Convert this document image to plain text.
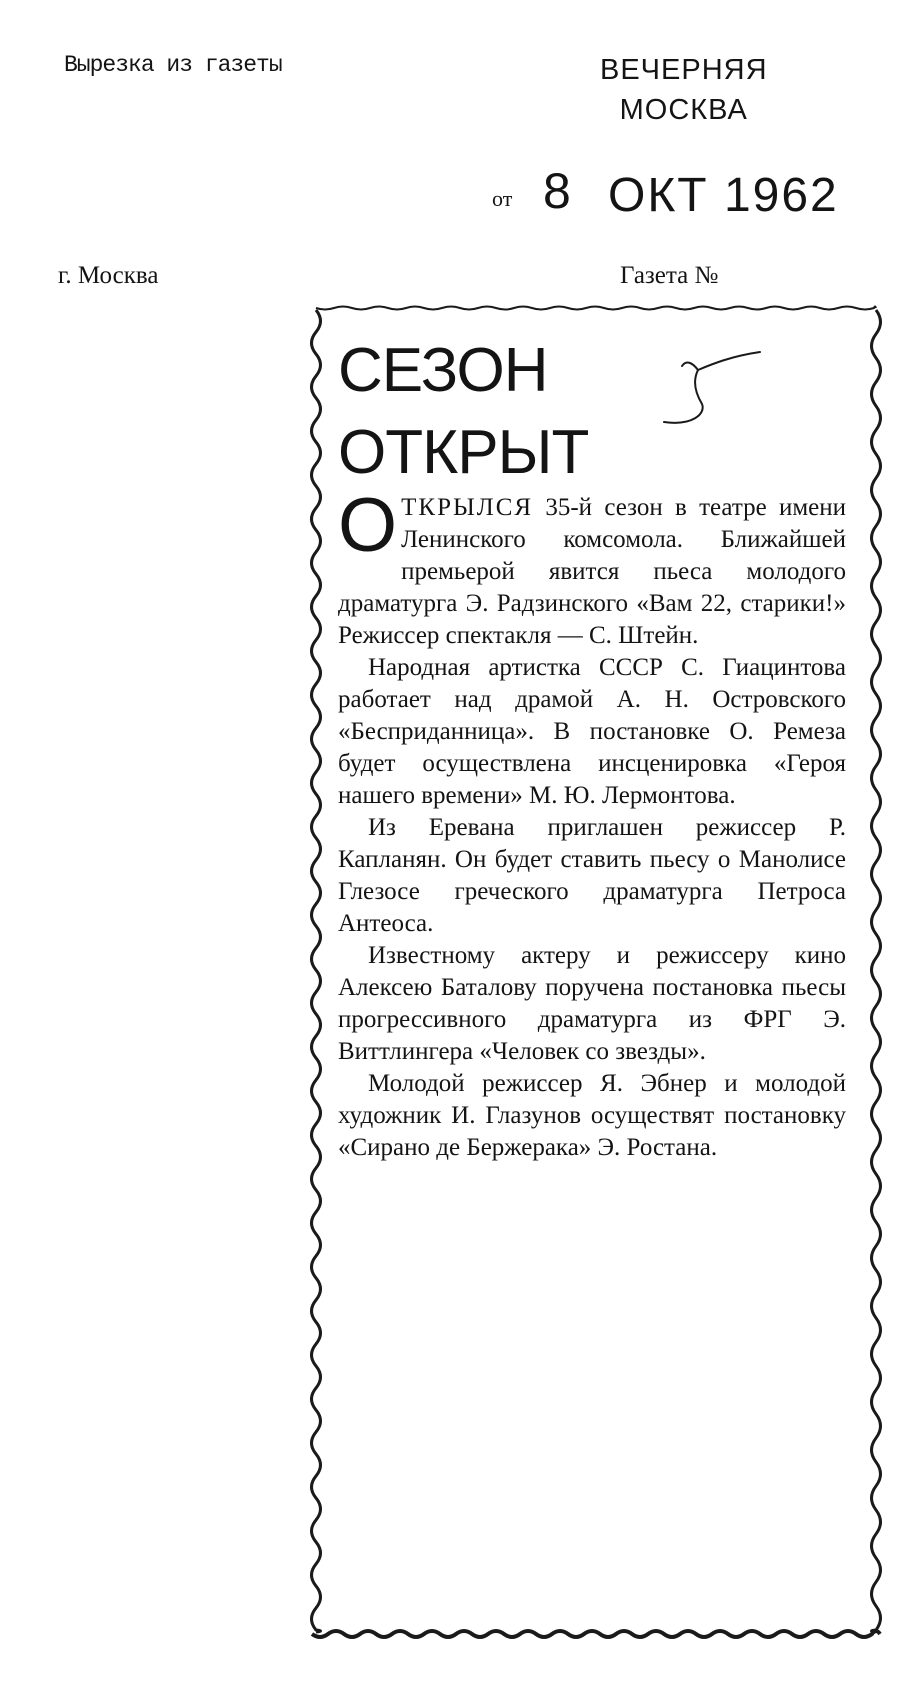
Вырезка из газеты	ВЕЧЕРНЯЯ
МОСКВА
от 8 ОКТ 1962
г. Москва	Газета №
СЕЗОН
ОТКРЫТ

ОТКРЫЛСЯ 35-й сезон в театре имени Ленинского комсомола. Ближайшей премьерой явится пьеса молодого драматурга Э. Радзинского «Вам 22, старики!» Режиссер спектакля — С. Штейн.

Народная артистка СССР С. Гиацинтова работает над драмой А. Н. Островского «Бесприданница». В постановке О. Ремеза будет осуществлена инсценировка «Героя нашего времени» М. Ю. Лермонтова.

Из Еревана приглашен режиссер Р. Капланян. Он будет ставить пьесу о Манолисе Глезосе греческого драматурга Петроса Антеоса.

Известному актеру и режиссеру кино Алексею Баталову поручена постановка пьесы прогрессивного драматурга из ФРГ Э. Виттлингера «Человек со звезды».

Молодой режиссер Я. Эбнер и молодой художник И. Глазунов осуществят постановку «Сирано де Бержерака» Э. Ростана.
